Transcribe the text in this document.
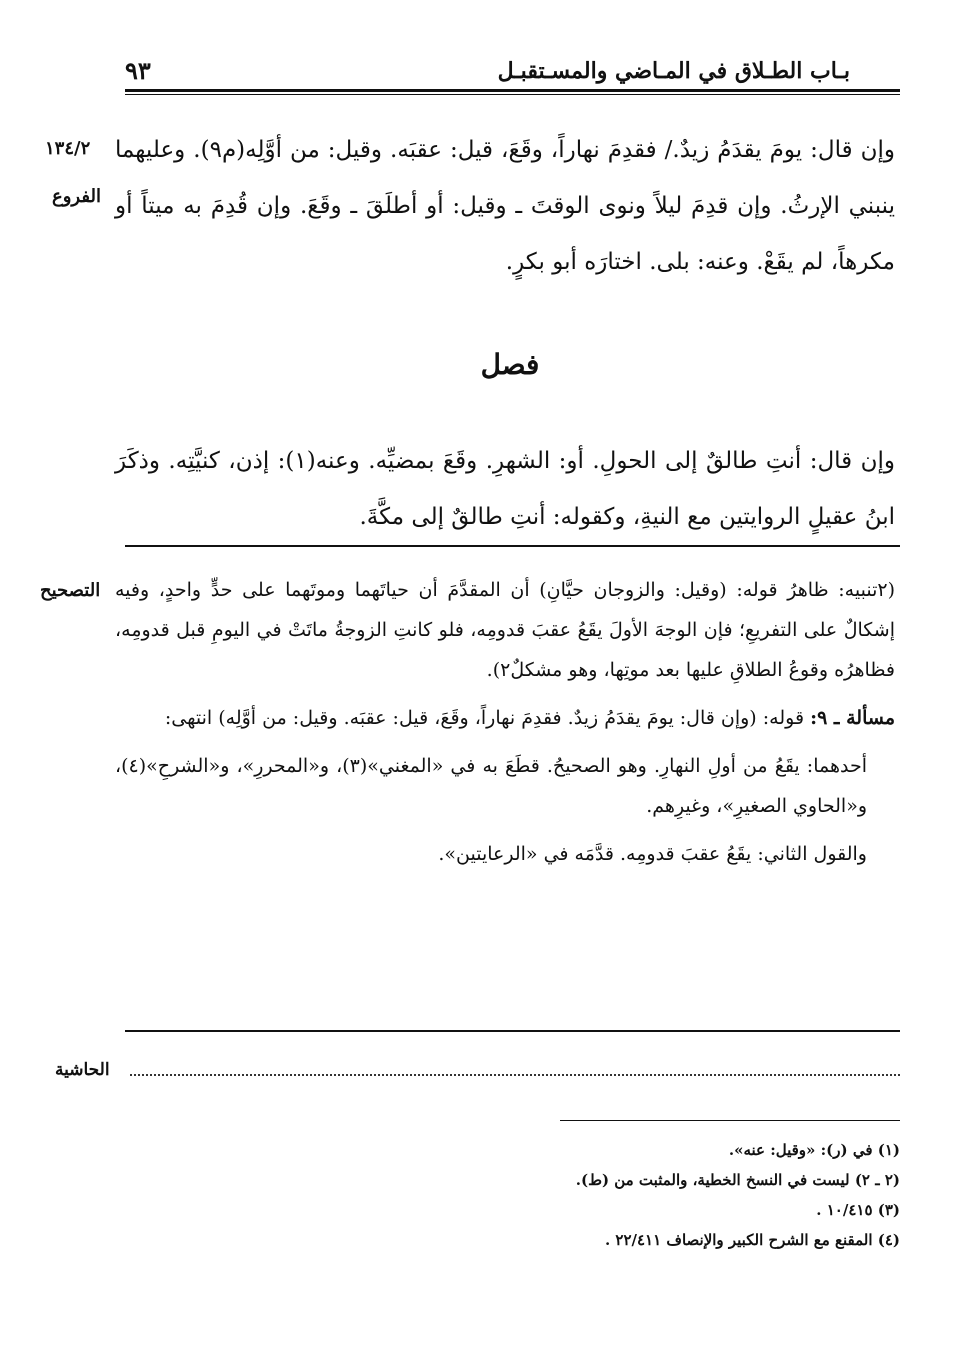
بـاب الطـلاق في المـاضي والمسـتقبـل
٩٣
١٣٤/٢
الفروع

وإن قال: يومَ يقدَمُ زيدٌ./ فقدِمَ نهاراً، وقَعَ، قيل: عقبَه. وقيل: من أوَّلِه(م٩). وعليهما ينبني الإرثُ. وإن قدِمَ ليلاً ونوى الوقتَ ـ وقيل: أو أطلَقَ ـ وقَعَ. وإن قُدِمَ به ميتاً أو مكرهاً، لم يقَعْ. وعنه: بلى. اختارَه أبو بكرٍ.

فصل

وإن قال: أنتِ طالقٌ إلى الحولِ. أو: الشهرِ. وقَعَ بمضيِّه. وعنه(١): إذن، كنيَّتِه. وذكَرَ ابنُ عقيلٍ الروايتين مع النيةِ، وكقوله: أنتِ طالقٌ إلى مكَّةَ.

التصحيح (٢تنبيه: ظاهرُ قوله: (وقيل: والزوجان حيَّانِ) أن المقدَّمَ أن حياتَهما وموتَهما على حدٍّ واحدٍ، وفيه إشكالٌ على التفريعِ؛ فإن الوجهَ الأولَ يقَعُ عقبَ قدومِه، فلو كانتِ الزوجةُ ماتَتْ في اليومِ قبل قدومِه، فظاهرُه وقوعُ الطلاقِ عليها بعد موتِها، وهو مشكلٌ٢).

مسألة ـ ٩: قوله: (وإن قال: يومَ يقدَمُ زيدٌ. فقدِمَ نهاراً، وقَعَ، قيل: عقبَه. وقيل: من أوَّلِه) انتهى:

أحدهما: يقَعُ من أولِ النهارِ. وهو الصحيحُ. قطَعَ به في «المغني»(٣)، و«المحررِ»، و«الشرحِ»(٤)، و«الحاوي الصغيرِ»، وغيرِهم.

والقول الثاني: يقَعُ عقبَ قدومِه. قدَّمَه في «الرعايتين».

الحاشية
(١) في (ر): «وقيل: عنه».
(٢ ـ ٢) ليست في النسخ الخطية، والمثبت من (ط).
(٣) ١٠/٤١٥ .
(٤) المقنع مع الشرح الكبير والإنصاف ٢٢/٤١١ .
